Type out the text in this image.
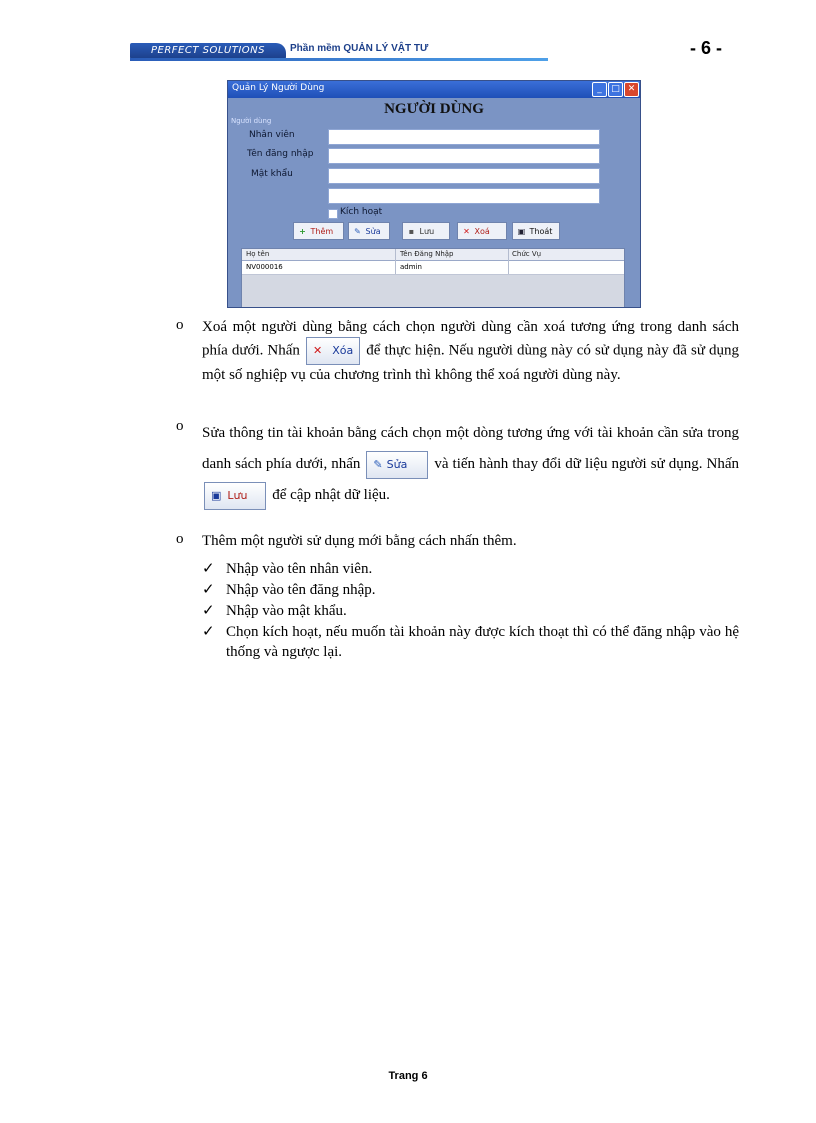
PERFECT SOLUTIONS	Phần mềm QUẢN LÝ VẬT TƯ	- 6 -
Quản Lý Người Dùng	_	□ ✕
NGƯỜI DÙNG
Người dùng
Nhân viên
Tên đăng nhập
Mật khẩu
Kích hoạt
+ Thêm	✎ Sửa	▪ Lưu	✕ Xoá	▣ Thoát
Họ tên	Tên Đăng Nhập	Chức Vụ
NV000016	admin
o Xoá một người dùng bằng cách chọn người dùng cần xoá tương ứng trong danh sách phía dưới. Nhấn ✕ Xóa để thực hiện. Nếu người dùng này có sử dụng này đã sử dụng một số nghiệp vụ của chương trình thì không thể xoá người dùng này.

o Sửa thông tin tài khoản bằng cách chọn một dòng tương ứng với tài khoản cần sửa trong danh sách phía dưới, nhấn ✎ Sửa và tiến hành thay đổi dữ liệu người sử dụng. Nhấn ▣ Lưu để cập nhật dữ liệu.

o Thêm một người sử dụng mới bằng cách nhấn thêm.
✓ Nhập vào tên nhân viên.
✓ Nhập vào tên đăng nhập.
✓ Nhập vào mật khẩu.
✓ Chọn kích hoạt, nếu muốn tài khoản này được kích thoạt thì có thể đăng nhập vào hệ thống và ngược lại.
Trang 6
